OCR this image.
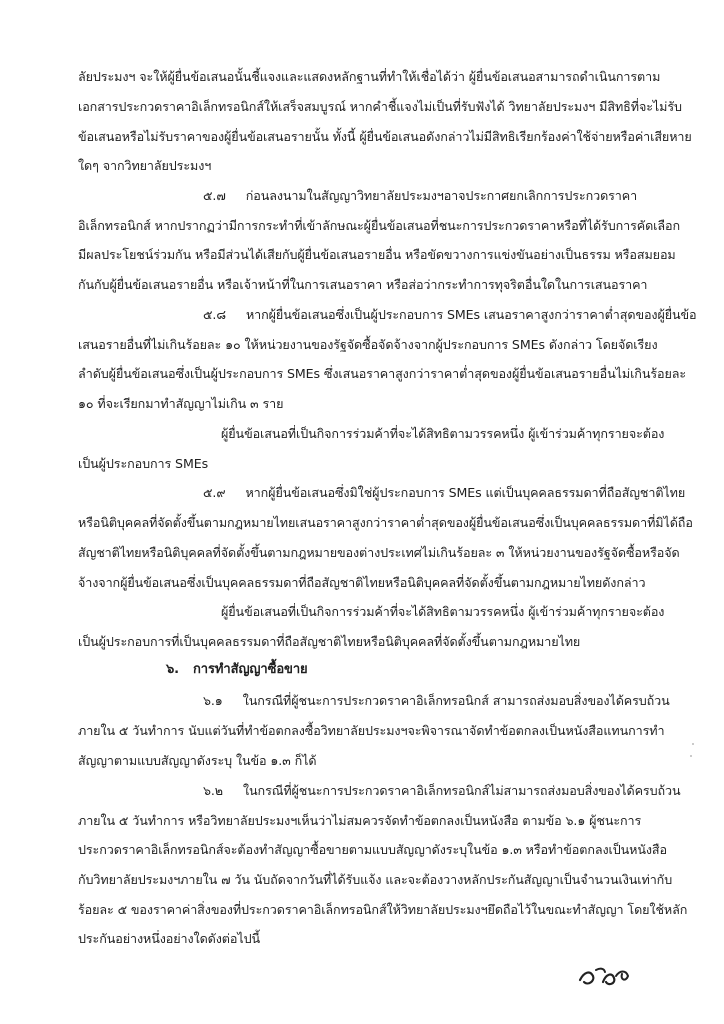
ลัยประมงฯ จะให้ผู้ยื่นข้อเสนอนั้นชี้แจงและแสดงหลักฐานที่ทำให้เชื่อได้ว่า ผู้ยื่นข้อเสนอสามารถดำเนินการตาม
เอกสารประกวดราคาอิเล็กทรอนิกส์ให้เสร็จสมบูรณ์ หากคำชี้แจงไม่เป็นที่รับฟังได้ วิทยาลัยประมงฯ มีสิทธิที่จะไม่รับ
ข้อเสนอหรือไม่รับราคาของผู้ยื่นข้อเสนอรายนั้น ทั้งนี้ ผู้ยื่นข้อเสนอดังกล่าวไม่มีสิทธิเรียกร้องค่าใช้จ่ายหรือค่าเสียหาย
ใดๆ จากวิทยาลัยประมงฯ
๕.๗ ก่อนลงนามในสัญญาวิทยาลัยประมงฯอาจประกาศยกเลิกการประกวดราคา
อิเล็กทรอนิกส์ หากปรากฏว่ามีการกระทำที่เข้าลักษณะผู้ยื่นข้อเสนอที่ชนะการประกวดราคาหรือที่ได้รับการคัดเลือก
มีผลประโยชน์ร่วมกัน หรือมีส่วนได้เสียกับผู้ยื่นข้อเสนอรายอื่น หรือขัดขวางการแข่งขันอย่างเป็นธรรม หรือสมยอม
กันกับผู้ยื่นข้อเสนอรายอื่น หรือเจ้าหน้าที่ในการเสนอราคา หรือส่อว่ากระทำการทุจริตอื่นใดในการเสนอราคา
๕.๘ หากผู้ยื่นข้อเสนอซึ่งเป็นผู้ประกอบการ SMEs เสนอราคาสูงกว่าราคาต่ำสุดของผู้ยื่นข้อ
เสนอรายอื่นที่ไม่เกินร้อยละ ๑๐ ให้หน่วยงานของรัฐจัดซื้อจัดจ้างจากผู้ประกอบการ SMEs ดังกล่าว โดยจัดเรียง
ลำดับผู้ยื่นข้อเสนอซึ่งเป็นผู้ประกอบการ SMEs ซึ่งเสนอราคาสูงกว่าราคาต่ำสุดของผู้ยื่นข้อเสนอรายอื่นไม่เกินร้อยละ
๑๐ ที่จะเรียกมาทำสัญญาไม่เกิน ๓ ราย
ผู้ยื่นข้อเสนอที่เป็นกิจการร่วมค้าที่จะได้สิทธิตามวรรคหนึ่ง ผู้เข้าร่วมค้าทุกรายจะต้อง
เป็นผู้ประกอบการ SMEs
๕.๙ หากผู้ยื่นข้อเสนอซึ่งมิใช่ผู้ประกอบการ SMEs แต่เป็นบุคคลธรรมดาที่ถือสัญชาติไทย
หรือนิติบุคคลที่จัดตั้งขึ้นตามกฎหมายไทยเสนอราคาสูงกว่าราคาต่ำสุดของผู้ยื่นข้อเสนอซึ่งเป็นบุคคลธรรมดาที่มิได้ถือ
สัญชาติไทยหรือนิติบุคคลที่จัดตั้งขึ้นตามกฎหมายของต่างประเทศไม่เกินร้อยละ ๓ ให้หน่วยงานของรัฐจัดซื้อหรือจัด
จ้างจากผู้ยื่นข้อเสนอซึ่งเป็นบุคคลธรรมดาที่ถือสัญชาติไทยหรือนิติบุคคลที่จัดตั้งขึ้นตามกฎหมายไทยดังกล่าว
ผู้ยื่นข้อเสนอที่เป็นกิจการร่วมค้าที่จะได้สิทธิตามวรรคหนึ่ง ผู้เข้าร่วมค้าทุกรายจะต้อง
เป็นผู้ประกอบการที่เป็นบุคคลธรรมดาที่ถือสัญชาติไทยหรือนิติบุคคลที่จัดตั้งขึ้นตามกฎหมายไทย
๖. การทำสัญญาซื้อขาย
๖.๑ ในกรณีที่ผู้ชนะการประกวดราคาอิเล็กทรอนิกส์ สามารถส่งมอบสิ่งของได้ครบถ้วน
ภายใน ๕ วันทำการ นับแต่วันที่ทำข้อตกลงซื้อวิทยาลัยประมงฯจะพิจารณาจัดทำข้อตกลงเป็นหนังสือแทนการทำ
สัญญาตามแบบสัญญาดังระบุ ในข้อ ๑.๓ ก็ได้
๖.๒ ในกรณีที่ผู้ชนะการประกวดราคาอิเล็กทรอนิกส์ไม่สามารถส่งมอบสิ่งของได้ครบถ้วน
ภายใน ๕ วันทำการ หรือวิทยาลัยประมงฯเห็นว่าไม่สมควรจัดทำข้อตกลงเป็นหนังสือ ตามข้อ ๖.๑ ผู้ชนะการ
ประกวดราคาอิเล็กทรอนิกส์จะต้องทำสัญญาซื้อขายตามแบบสัญญาดังระบุในข้อ ๑.๓ หรือทำข้อตกลงเป็นหนังสือ
กับวิทยาลัยประมงฯภายใน ๗ วัน นับถัดจากวันที่ได้รับแจ้ง และจะต้องวางหลักประกันสัญญาเป็นจำนวนเงินเท่ากับ
ร้อยละ ๕ ของราคาค่าสิ่งของที่ประกวดราคาอิเล็กทรอนิกส์ให้วิทยาลัยประมงฯยึดถือไว้ในขณะทำสัญญา โดยใช้หลัก
ประกันอย่างหนึ่งอย่างใดดังต่อไปนี้
